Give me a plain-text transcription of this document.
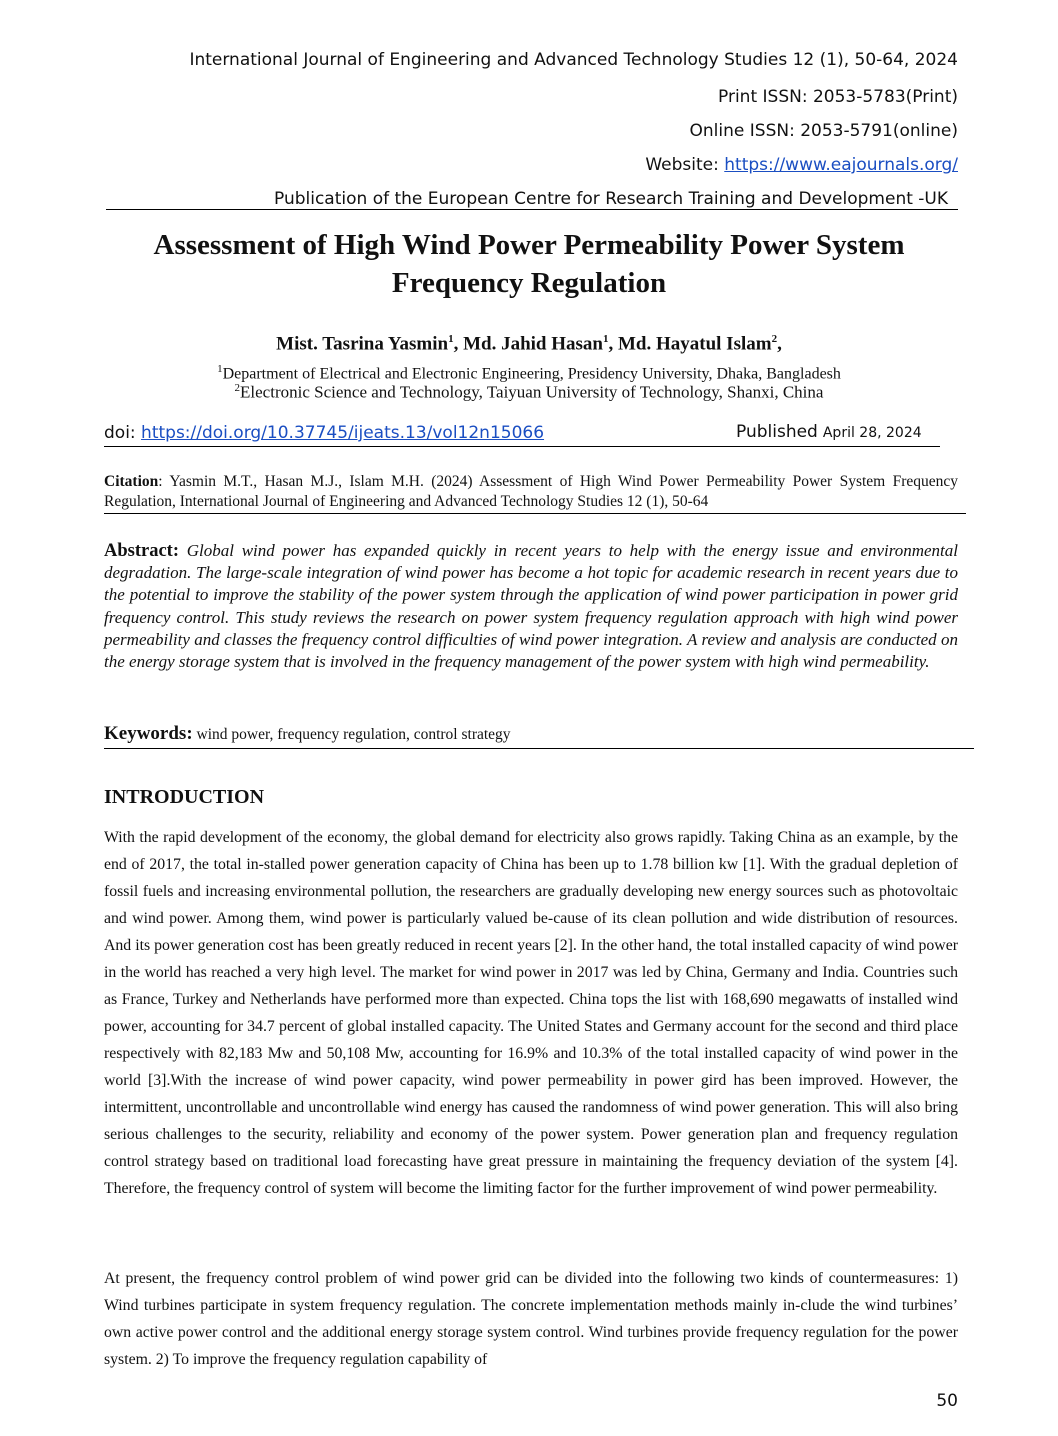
International Journal of Engineering and Advanced Technology Studies 12 (1), 50-64, 2024
Print ISSN: 2053-5783(Print)
Online ISSN: 2053-5791(online)
Website: https://www.eajournals.org/
Publication of the European Centre for Research Training and Development -UK
Assessment of High Wind Power Permeability Power System
Frequency Regulation
Mist. Tasrina Yasmin$^1$, Md. Jahid Hasan$^1$, Md. Hayatul Islam$^2$,
$^1$Department of Electrical and Electronic Engineering, Presidency University, Dhaka, Bangladesh
$^2$Electronic Science and Technology, Taiyuan University of Technology, Shanxi, China
doi: https://doi.org/10.37745/ijeats.13/vol12n15066	Published April 28, 2024

Citation: Yasmin M.T., Hasan M.J., Islam M.H. (2024) Assessment of High Wind Power Permeability Power System Frequency Regulation, International Journal of Engineering and Advanced Technology Studies 12 (1), 50-64

Abstract: Global wind power has expanded quickly in recent years to help with the energy issue and environmental degradation. The large-scale integration of wind power has become a hot topic for academic research in recent years due to the potential to improve the stability of the power system through the application of wind power participation in power grid frequency control. This study reviews the research on power system frequency regulation approach with high wind power permeability and classes the frequency control difficulties of wind power integration. A review and analysis are conducted on the energy storage system that is involved in the frequency management of the power system with high wind permeability.

Keywords: wind power, frequency regulation, control strategy
INTRODUCTION

With the rapid development of the economy, the global demand for electricity also grows rapidly. Taking China as an example, by the end of 2017, the total in-stalled power generation capacity of China has been up to 1.78 billion kw [1]. With the gradual depletion of fossil fuels and increasing environmental pollution, the researchers are gradually developing new energy sources such as photovoltaic and wind power. Among them, wind power is particularly valued be-cause of its clean pollution and wide distribution of resources. And its power generation cost has been greatly reduced in recent years [2]. In the other hand, the total installed capacity of wind power in the world has reached a very high level. The market for wind power in 2017 was led by China, Germany and India. Countries such as France, Turkey and Netherlands have performed more than expected. China tops the list with 168,690 megawatts of installed wind power, accounting for 34.7 percent of global installed capacity. The United States and Germany account for the second and third place respectively with 82,183 Mw and 50,108 Mw, accounting for 16.9% and 10.3% of the total installed capacity of wind power in the world [3].With the increase of wind power capacity, wind power permeability in power gird has been improved. However, the intermittent, uncontrollable and uncontrollable wind energy has caused the randomness of wind power generation. This will also bring serious challenges to the security, reliability and economy of the power system. Power generation plan and frequency regulation control strategy based on traditional load forecasting have great pressure in maintaining the frequency deviation of the system [4]. Therefore, the frequency control of system will become the limiting factor for the further improvement of wind power permeability.

At present, the frequency control problem of wind power grid can be divided into the following two kinds of countermeasures: 1) Wind turbines participate in system frequency regulation. The concrete implementation methods mainly in-clude the wind turbines’ own active power control and the additional energy storage system control. Wind turbines provide frequency regulation for the power system. 2) To improve the frequency regulation capability of

50
